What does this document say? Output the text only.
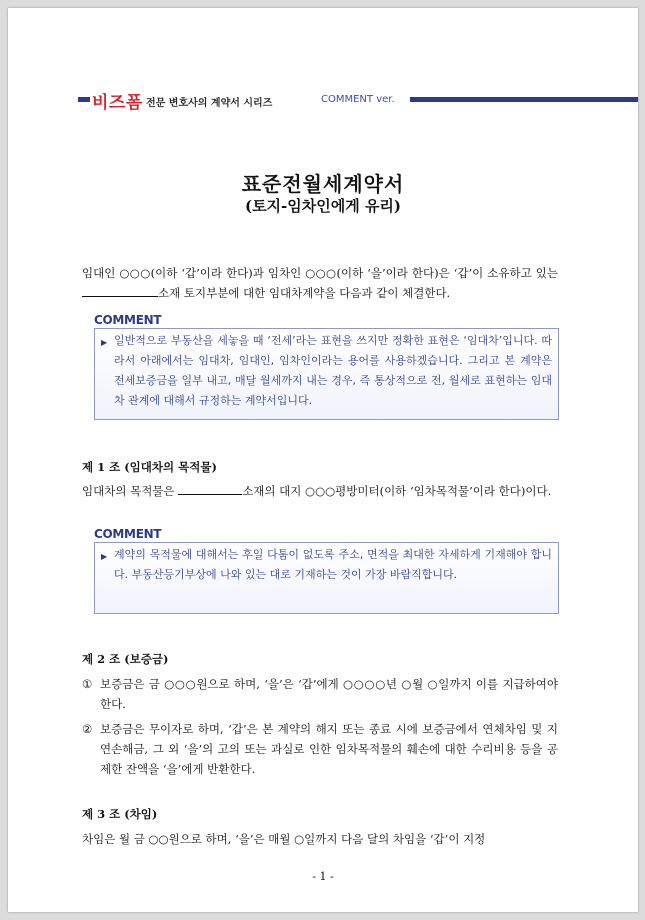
비즈폼 전문 변호사의 계약서 시리즈	COMMENT ver.
표준전월세계약서
(토지-임차인에게 유리)
임대인 ○○○(이하 ‘갑’이라 한다)과 임차인 ○○○(이하 ‘을’이라 한다)은 ‘갑’이 소유하고 있는 소재 토지부분에 대한 임대차계약을 다음과 같이 체결한다.
COMMENT
▶ 일반적으로 부동산을 세놓을 때 ‘전세’라는 표현을 쓰지만 정확한 표현은 ‘임대차’입니다. 따라서 아래에서는 임대차, 임대인, 임차인이라는 용어를 사용하겠습니다. 그리고 본 계약은 전세보증금을 일부 내고, 매달 월세까지 내는 경우, 즉 통상적으로 전, 월세로 표현하는 임대차 관계에 대해서 규정하는 계약서입니다.
제 1 조 (임대차의 목적물)
임대차의 목적물은	소재의 대지 ○○○평방미터(이하 ‘임차목적물’이라 한다)이다.
COMMENT
▶ 계약의 목적물에 대해서는 후일 다툼이 없도록 주소, 면적을 최대한 자세하게 기재해야 합니다. 부동산등기부상에 나와 있는 대로 기재하는 것이 가장 바람직합니다.
제 2 조 (보증금)
① 보증금은 금 ○○○원으로 하며, ‘을’은 ‘갑’에게 ○○○○년 ○월 ○일까지 이를 지급하여야 한다.
② 보증금은 무이자로 하며, ‘갑’은 본 계약의 해지 또는 종료 시에 보증금에서 연체차임 및 지연손해금, 그 외 ‘을’의 고의 또는 과실로 인한 임차목적물의 훼손에 대한 수리비용 등을 공제한 잔액을 ‘을’에게 반환한다.
제 3 조 (차임)
차임은 월 금 ○○원으로 하며, ‘을’은 매월 ○일까지 다음 달의 차임을 ‘갑’이 지정
- 1 -
